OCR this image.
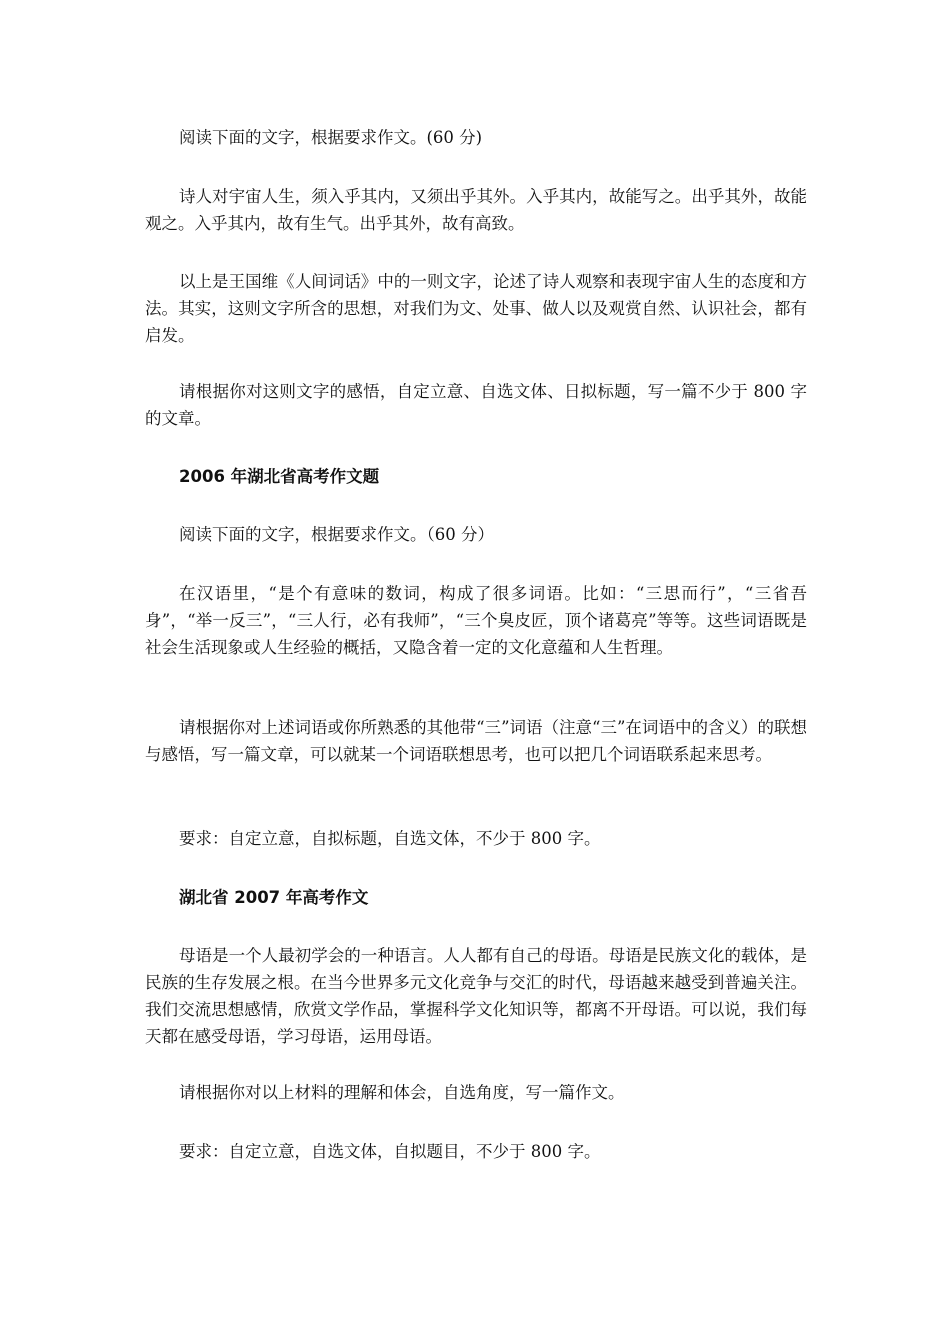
阅读下面的文字，根据要求作文。(60 分)

诗人对宇宙人生，须入乎其内，又须出乎其外。入乎其内，故能写之。出乎其外，故能观之。入乎其内，故有生气。出乎其外，故有高致。

以上是王国维《人间词话》中的一则文字，论述了诗人观察和表现宇宙人生的态度和方法。其实，这则文字所含的思想，对我们为文、处事、做人以及观赏自然、认识社会，都有启发。

请根据你对这则文字的感悟，自定立意、自选文体、日拟标题，写一篇不少于 800 字的文章。

2006 年湖北省高考作文题

阅读下面的文字，根据要求作文。（60 分）

在汉语里，“是个有意味的数词，构成了很多词语。比如：“三思而行”，“三省吾身”，“举一反三”，“三人行，必有我师”，“三个臭皮匠，顶个诸葛亮”等等。这些词语既是社会生活现象或人生经验的概括，又隐含着一定的文化意蕴和人生哲理。

请根据你对上述词语或你所熟悉的其他带“三”词语（注意“三”在词语中的含义）的联想与感悟，写一篇文章，可以就某一个词语联想思考，也可以把几个词语联系起来思考。

要求：自定立意，自拟标题，自选文体，不少于 800 字。

湖北省 2007 年高考作文

母语是一个人最初学会的一种语言。人人都有自己的母语。母语是民族文化的载体，是民族的生存发展之根。在当今世界多元文化竞争与交汇的时代，母语越来越受到普遍关注。我们交流思想感情，欣赏文学作品，掌握科学文化知识等，都离不开母语。可以说，我们每天都在感受母语，学习母语，运用母语。

请根据你对以上材料的理解和体会，自选角度，写一篇作文。

要求：自定立意，自选文体，自拟题目，不少于 800 字。
